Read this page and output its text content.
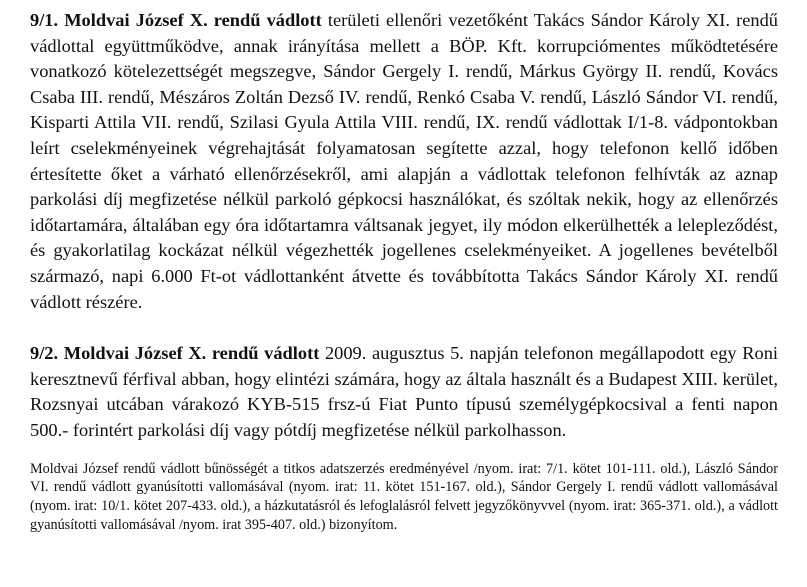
9/1. Moldvai József X. rendű vádlott területi ellenőri vezetőként Takács Sándor Károly XI. rendű vádlottal együttműködve, annak irányítása mellett a BÖP. Kft. korrupciómentes működtetésére vonatkozó kötelezettségét megszegve, Sándor Gergely I. rendű, Márkus György II. rendű, Kovács Csaba III. rendű, Mészáros Zoltán Dezső IV. rendű, Renkó Csaba V. rendű, László Sándor VI. rendű, Kisparti Attila VII. rendű, Szilasi Gyula Attila VIII. rendű, IX. rendű vádlottak I/1-8. vádpontokban leírt cselekményeinek végrehajtását folyamatosan segítette azzal, hogy telefonon kellő időben értesítette őket a várható ellenőrzésekről, ami alapján a vádlottak telefonon felhívták az aznap parkolási díj megfizetése nélkül parkoló gépkocsi használókat, és szóltak nekik, hogy az ellenőrzés időtartamára, általában egy óra időtartamra váltsanak jegyet, ily módon elkerülhették a lelepleződést, és gyakorlatilag kockázat nélkül végezhették jogellenes cselekményeiket. A jogellenes bevételből származó, napi 6.000 Ft-ot vádlottanként átvette és továbbította Takács Sándor Károly XI. rendű vádlott részére.

9/2. Moldvai József X. rendű vádlott 2009. augusztus 5. napján telefonon megállapodott egy Roni keresztnevű férfival abban, hogy elintézi számára, hogy az általa használt és a Budapest XIII. kerület, Rozsnyai utcában várakozó KYB-515 frsz-ú Fiat Punto típusú személygépkocsival a fenti napon 500.- forintért parkolási díj vagy pótdíj megfizetése nélkül parkolhasson.

Moldvai József rendű vádlott bűnösségét a titkos adatszerzés eredményével /nyom. irat: 7/1. kötet 101-111. old.), László Sándor VI. rendű vádlott gyanúsítotti vallomásával (nyom. irat: 11. kötet 151-167. old.), Sándor Gergely I. rendű vádlott vallomásával (nyom. irat: 10/1. kötet 207-433. old.), a házkutatásról és lefoglalásról felvett jegyzőkönyvvel (nyom. irat: 365-371. old.), a vádlott gyanúsítotti vallomásával /nyom. irat 395-407. old.) bizonyítom.
